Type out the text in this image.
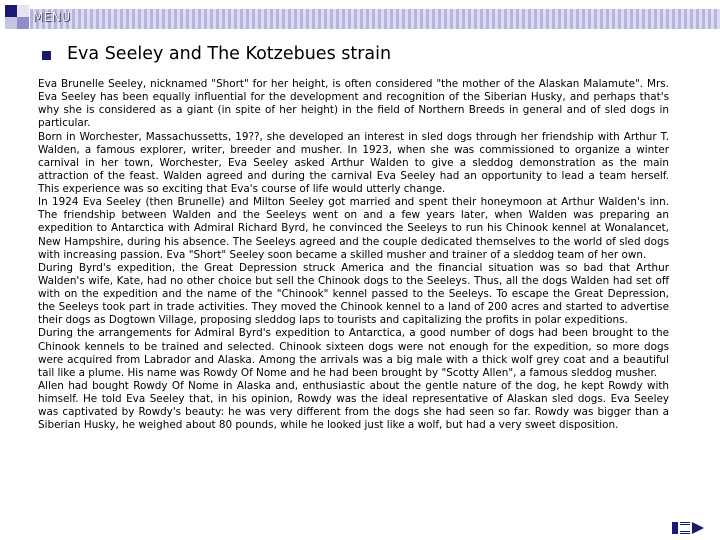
MENU
Eva Seeley and The Kotzebues strain

Eva Brunelle Seeley, nicknamed "Short" for her height, is often considered "the mother of the Alaskan Malamute". Mrs. Eva Seeley has been equally influential for the development and recognition of the Siberian Husky, and perhaps that's why she is considered as a giant (in spite of her height) in the field of Northern Breeds in general and of sled dogs in particular.

Born in Worchester, Massachussetts, 19??, she developed an interest in sled dogs through her friendship with Arthur T. Walden, a famous explorer, writer, breeder and musher. In 1923, when she was commissioned to organize a winter carnival in her town, Worchester, Eva Seeley asked Arthur Walden to give a sleddog demonstration as the main attraction of the feast. Walden agreed and during the carnival Eva Seeley had an opportunity to lead a team herself. This experience was so exciting that Eva's course of life would utterly change.

In 1924 Eva Seeley (then Brunelle) and Milton Seeley got married and spent their honeymoon at Arthur Walden's inn. The friendship between Walden and the Seeleys went on and a few years later, when Walden was preparing an expedition to Antarctica with Admiral Richard Byrd, he convinced the Seeleys to run his Chinook kennel at Wonalancet, New Hampshire, during his absence. The Seeleys agreed and the couple dedicated themselves to the world of sled dogs with increasing passion. Eva "Short" Seeley soon became a skilled musher and trainer of a sleddog team of her own.

During Byrd's expedition, the Great Depression struck America and the financial situation was so bad that Arthur Walden's wife, Kate, had no other choice but sell the Chinook dogs to the Seeleys. Thus, all the dogs Walden had set off with on the expedition and the name of the "Chinook" kennel passed to the Seeleys. To escape the Great Depression, the Seeleys took part in trade activities. They moved the Chinook kennel to a land of 200 acres and started to advertise their dogs as Dogtown Village, proposing sleddog laps to tourists and capitalizing the profits in polar expeditions.

During the arrangements for Admiral Byrd's expedition to Antarctica, a good number of dogs had been brought to the Chinook kennels to be trained and selected. Chinook sixteen dogs were not enough for the expedition, so more dogs were acquired from Labrador and Alaska. Among the arrivals was a big male with a thick wolf grey coat and a beautiful tail like a plume. His name was Rowdy Of Nome and he had been brought by "Scotty Allen", a famous sleddog musher.

Allen had bought Rowdy Of Nome in Alaska and, enthusiastic about the gentle nature of the dog, he kept Rowdy with himself. He told Eva Seeley that, in his opinion, Rowdy was the ideal representative of Alaskan sled dogs. Eva Seeley was captivated by Rowdy's beauty: he was very different from the dogs she had seen so far. Rowdy was bigger than a Siberian Husky, he weighed about 80 pounds, while he looked just like a wolf, but had a very sweet disposition.
